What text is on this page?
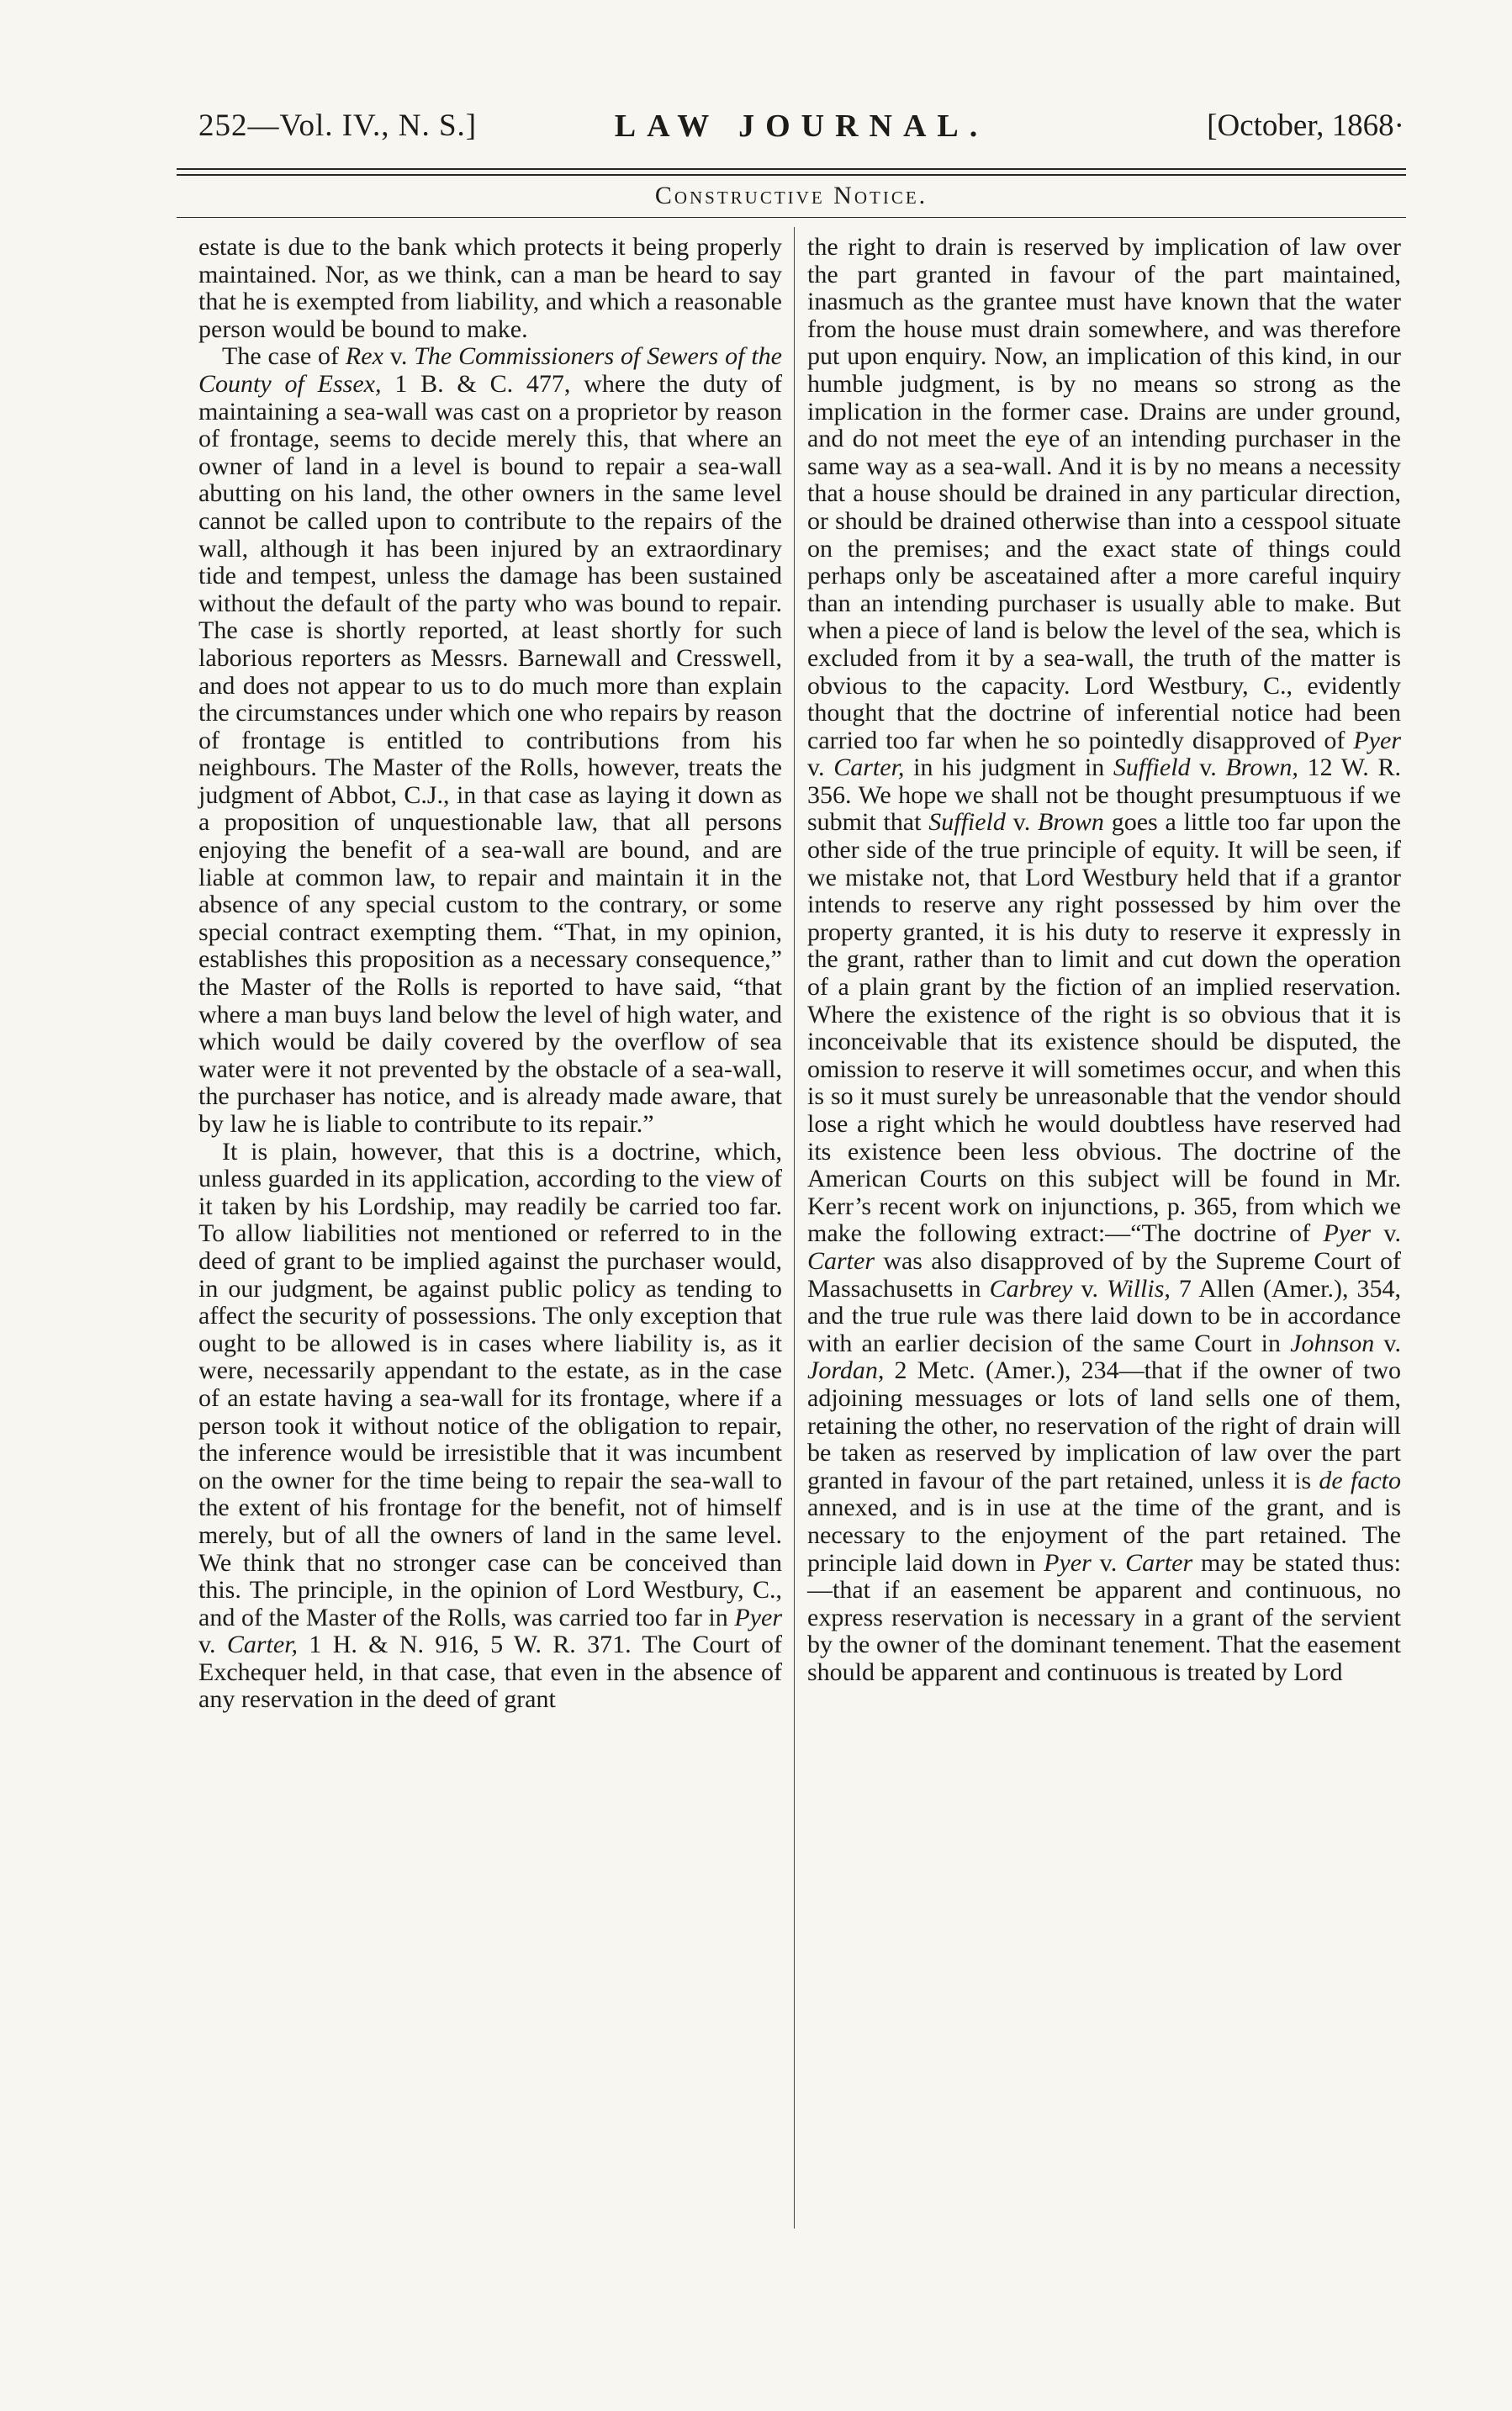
252—Vol. IV., N. S.]	LAW JOURNAL.	[October, 1868·
Constructive Notice.

estate is due to the bank which protects it being properly maintained. Nor, as we think, can a man be heard to say that he is exempted from liability, and which a reasonable person would be bound to make.

The case of Rex v. The Commissioners of Sewers of the County of Essex, 1 B. & C. 477, where the duty of maintaining a sea-wall was cast on a proprietor by reason of frontage, seems to decide merely this, that where an owner of land in a level is bound to repair a sea-wall abutting on his land, the other owners in the same level cannot be called upon to contribute to the repairs of the wall, although it has been injured by an extraordinary tide and tempest, unless the damage has been sustained without the default of the party who was bound to repair. The case is shortly reported, at least shortly for such laborious reporters as Messrs. Barnewall and Cresswell, and does not appear to us to do much more than explain the circumstances under which one who repairs by reason of frontage is entitled to contributions from his neighbours. The Master of the Rolls, however, treats the judgment of Abbot, C.J., in that case as laying it down as a proposition of unquestionable law, that all persons enjoying the benefit of a sea-wall are bound, and are liable at common law, to repair and maintain it in the absence of any special custom to the contrary, or some special contract exempting them. “That, in my opinion, establishes this proposition as a necessary consequence,” the Master of the Rolls is reported to have said, “that where a man buys land below the level of high water, and which would be daily covered by the overflow of sea water were it not prevented by the obstacle of a sea-wall, the purchaser has notice, and is already made aware, that by law he is liable to contribute to its repair.”

It is plain, however, that this is a doctrine, which, unless guarded in its application, according to the view of it taken by his Lordship, may readily be carried too far. To allow liabilities not mentioned or referred to in the deed of grant to be implied against the purchaser would, in our judgment, be against public policy as tending to affect the security of possessions. The only exception that ought to be allowed is in cases where liability is, as it were, necessarily appendant to the estate, as in the case of an estate having a sea-wall for its frontage, where if a person took it without notice of the obligation to repair, the inference would be irresistible that it was incumbent on the owner for the time being to repair the sea-wall to the extent of his frontage for the benefit, not of himself merely, but of all the owners of land in the same level. We think that no stronger case can be conceived than this. The principle, in the opinion of Lord Westbury, C., and of the Master of the Rolls, was carried too far in Pyer v. Carter, 1 H. & N. 916, 5 W. R. 371. The Court of Exchequer held, in that case, that even in the absence of any reservation in the deed of grant

the right to drain is reserved by implication of law over the part granted in favour of the part maintained, inasmuch as the grantee must have known that the water from the house must drain somewhere, and was therefore put upon enquiry. Now, an implication of this kind, in our humble judgment, is by no means so strong as the implication in the former case. Drains are under ground, and do not meet the eye of an intending purchaser in the same way as a sea-wall. And it is by no means a necessity that a house should be drained in any particular direction, or should be drained otherwise than into a cesspool situate on the premises; and the exact state of things could perhaps only be asceatained after a more careful inquiry than an intending purchaser is usually able to make. But when a piece of land is below the level of the sea, which is excluded from it by a sea-wall, the truth of the matter is obvious to the capacity. Lord Westbury, C., evidently thought that the doctrine of inferential notice had been carried too far when he so pointedly disapproved of Pyer v. Carter, in his judgment in Suffield v. Brown, 12 W. R. 356. We hope we shall not be thought presumptuous if we submit that Suffield v. Brown goes a little too far upon the other side of the true principle of equity. It will be seen, if we mistake not, that Lord Westbury held that if a grantor intends to reserve any right possessed by him over the property granted, it is his duty to reserve it expressly in the grant, rather than to limit and cut down the operation of a plain grant by the fiction of an implied reservation. Where the existence of the right is so obvious that it is inconceivable that its existence should be disputed, the omission to reserve it will sometimes occur, and when this is so it must surely be unreasonable that the vendor should lose a right which he would doubtless have reserved had its existence been less obvious. The doctrine of the American Courts on this subject will be found in Mr. Kerr’s recent work on injunctions, p. 365, from which we make the following extract:—“The doctrine of Pyer v. Carter was also disapproved of by the Supreme Court of Massachusetts in Carbrey v. Willis, 7 Allen (Amer.), 354, and the true rule was there laid down to be in accordance with an earlier decision of the same Court in Johnson v. Jordan, 2 Metc. (Amer.), 234—that if the owner of two adjoining messuages or lots of land sells one of them, retaining the other, no reservation of the right of drain will be taken as reserved by implication of law over the part granted in favour of the part retained, unless it is de facto annexed, and is in use at the time of the grant, and is necessary to the enjoyment of the part retained. The principle laid down in Pyer v. Carter may be stated thus: —that if an easement be apparent and continuous, no express reservation is necessary in a grant of the servient by the owner of the dominant tenement. That the easement should be apparent and continuous is treated by Lord
